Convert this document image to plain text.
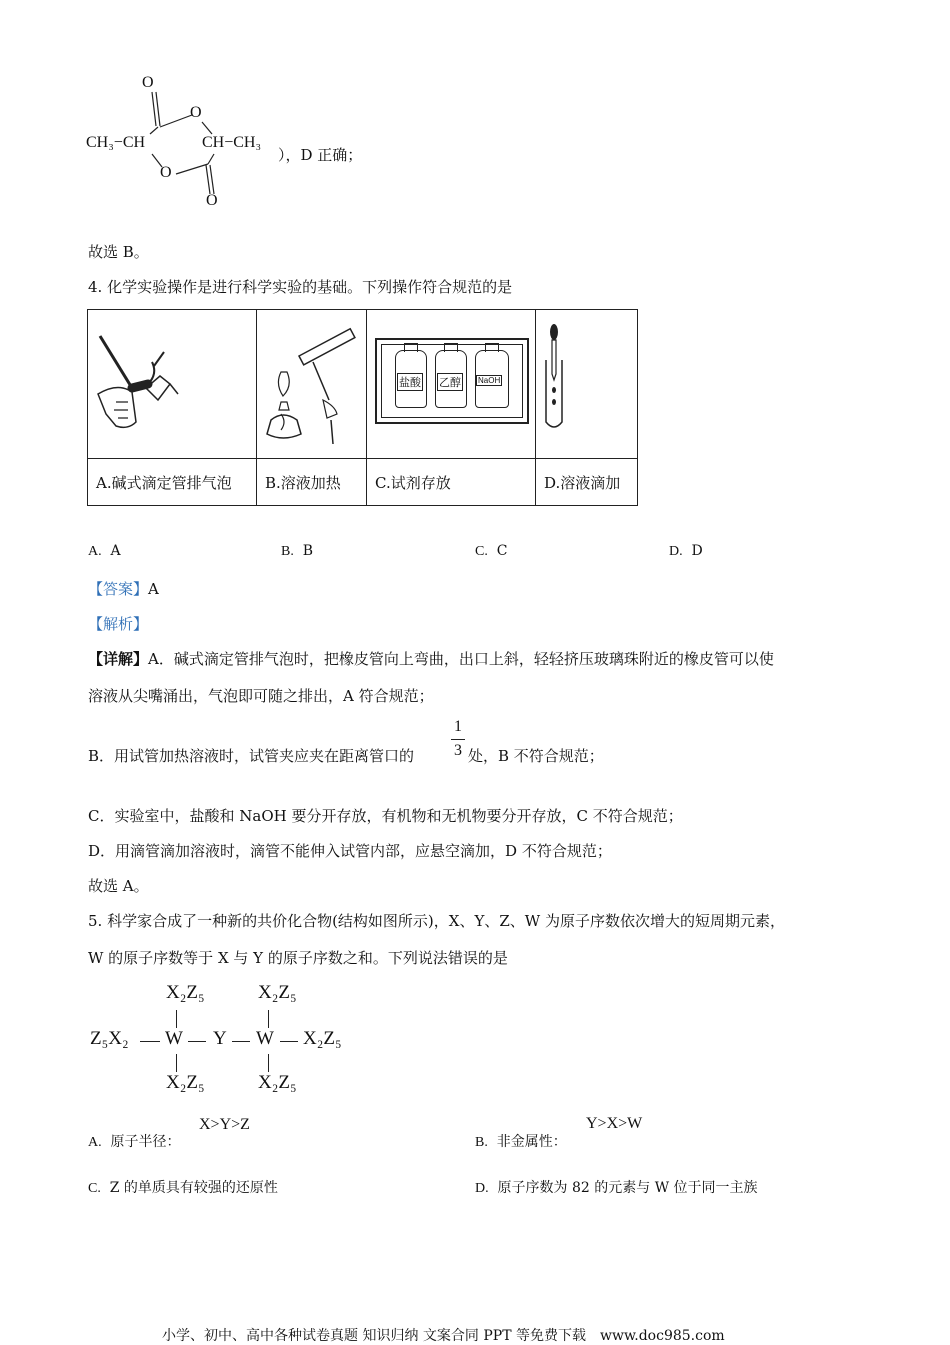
O
O
CH₃−CH	CH−CH₃
O
O
），D 正确；
故选 B。
4. 化学实验操作是进行科学实验的基础。下列操作符合规范的是

盐酸 乙醇 NaOH

A.碱式滴定管排气泡	B.溶液加热	C.试剂存放	D.溶液滴加
A. A	B. B	C. C	D. D
【答案】A
【解析】
【详解】A．碱式滴定管排气泡时，把橡皮管向上弯曲，出口上斜，轻轻挤压玻璃珠附近的橡皮管可以使
溶液从尖嘴涌出，气泡即可随之排出，A 符合规范；
B．用试管加热溶液时，试管夹应夹在距离管口的
1
3 处，B 不符合规范；
C．实验室中，盐酸和 NaOH 要分开存放，有机物和无机物要分开存放，C 不符合规范；
D．用滴管滴加溶液时，滴管不能伸入试管内部，应悬空滴加，D 不符合规范；
故选 A。
5. 科学家合成了一种新的共价化合物(结构如图所示)，X、Y、Z、W 为原子序数依次增大的短周期元素，
W 的原子序数等于 X 与 Y 的原子序数之和。下列说法错误的是
X₂Z₅	X₂Z₅
Z₅X₂ W Y W X₂Z₅
X₂Z₅	X₂Z₅
A. 原子半径：
X>Y>Z
B. 非金属性：
Y>X>W
C. Z 的单质具有较强的还原性	D. 原子序数为 82 的元素与 W 位于同一主族
小学、初中、高中各种试卷真题 知识归纳 文案合同 PPT 等免费下载　www.doc985.com
